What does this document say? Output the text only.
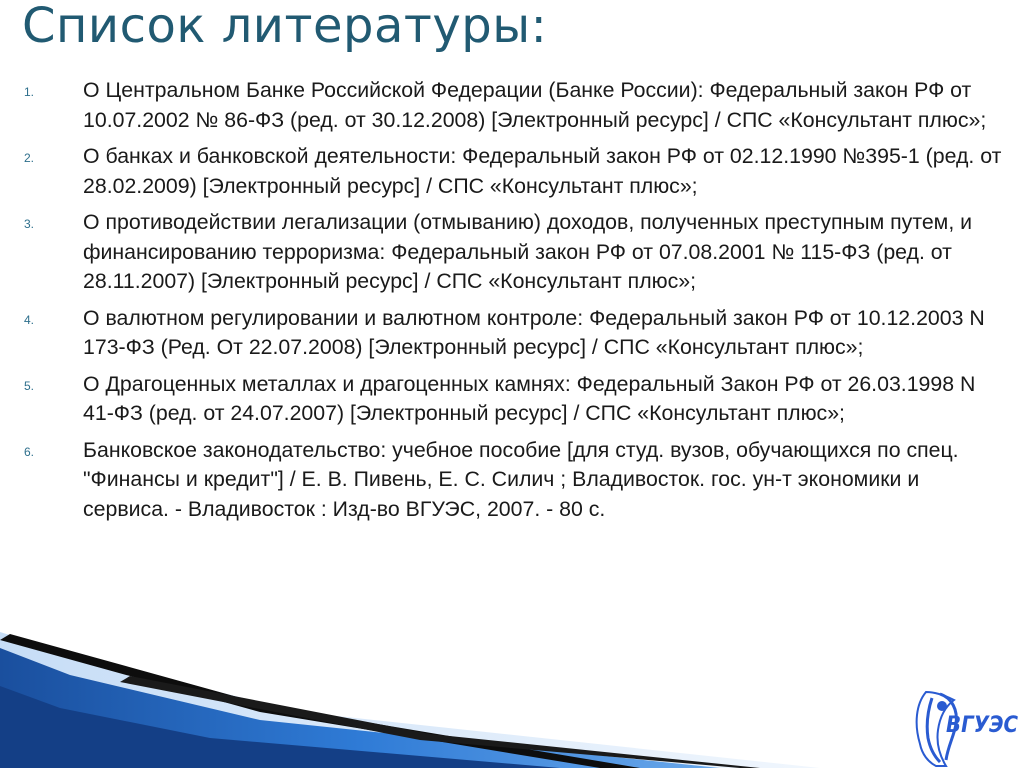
Список литературы:
1. О Центральном Банке Российской Федерации (Банке России): Федеральный закон РФ от 10.07.2002 № 86-ФЗ (ред. от 30.12.2008) [Электронный ресурс] / СПС «Консультант плюс»;
2. О банках и банковской деятельности: Федеральный закон РФ от 02.12.1990 №395-1 (ред. от 28.02.2009) [Электронный ресурс] / СПС «Консультант плюс»;
3. О противодействии легализации (отмыванию) доходов, полученных преступным путем, и финансированию терроризма: Федеральный закон РФ от 07.08.2001 № 115-ФЗ (ред. от 28.11.2007) [Электронный ресурс] / СПС «Консультант плюс»;
4. О валютном регулировании и валютном контроле: Федеральный закон РФ от 10.12.2003 N 173-ФЗ (Ред. От 22.07.2008) [Электронный ресурс] / СПС «Консультант плюс»;
5. О Драгоценных металлах и драгоценных камнях: Федеральный Закон РФ от 26.03.1998 N 41-ФЗ (ред. от 24.07.2007) [Электронный ресурс] / СПС «Консультант плюс»;
6. Банковское законодательство: учебное пособие [для студ. вузов, обучающихся по спец. "Финансы и кредит"] / Е. В. Пивень, Е. С. Силич ; Владивосток. гос. ун-т экономики и сервиса. - Владивосток : Изд-во ВГУЭС, 2007. - 80 с.
ВГУЭС
